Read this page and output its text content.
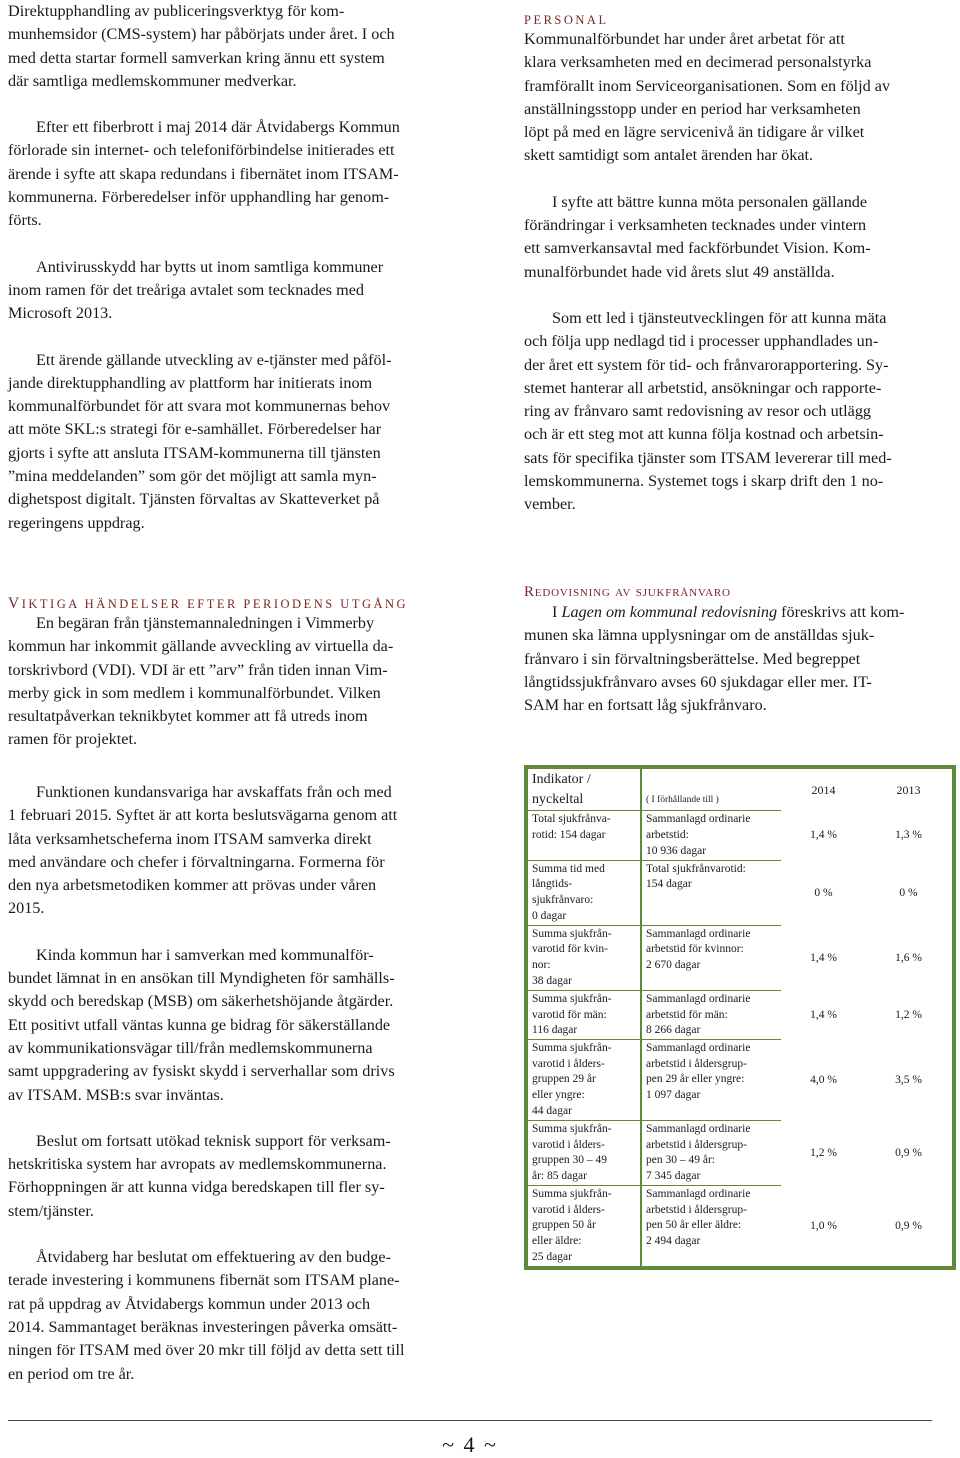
Direktupphandling av publiceringsverktyg för kom-
munhemsidor (CMS-system) har påbörjats under året. I och
med detta startar formell samverkan kring ännu ett system
där samtliga medlemskommuner medverkar.

Efter ett fiberbrott i maj 2014 där Åtvidabergs Kommun
förlorade sin internet- och telefoniförbindelse initierades ett
ärende i syfte att skapa redundans i fibernätet inom ITSAM-
kommunerna. Förberedelser inför upphandling har genom-
förts.

Antivirusskydd har bytts ut inom samtliga kommuner
inom ramen för det treåriga avtalet som tecknades med
Microsoft 2013.

Ett ärende gällande utveckling av e-tjänster med påföl-
jande direktupphandling av plattform har initierats inom
kommunalförbundet för att svara mot kommunernas behov
att möte SKL:s strategi för e-samhället. Förberedelser har
gjorts i syfte att ansluta ITSAM-kommunerna till tjänsten
”mina meddelanden” som gör det möjligt att samla myn-
dighetspost digitalt. Tjänsten förvaltas av Skatteverket på
regeringens uppdrag.

PERSONAL

Kommunalförbundet har under året arbetat för att
klara verksamheten med en decimerad personalstyrka
framförallt inom Serviceorganisationen. Som en följd av
anställningsstopp under en period har verksamheten
löpt på med en lägre servicenivå än tidigare år vilket
skett samtidigt som antalet ärenden har ökat.

I syfte att bättre kunna möta personalen gällande
förändringar i verksamheten tecknades under vintern
ett samverkansavtal med fackförbundet Vision. Kom-
munalförbundet hade vid årets slut 49 anställda.

Som ett led i tjänsteutvecklingen för att kunna mäta
och följa upp nedlagd tid i processer upphandlades un-
der året ett system för tid- och frånvarorapportering. Sy-
stemet hanterar all arbetstid, ansökningar och rapporte-
ring av frånvaro samt redovisning av resor och utlägg
och är ett steg mot att kunna följa kostnad och arbetsin-
sats för specifika tjänster som ITSAM levererar till med-
lemskommunerna. Systemet togs i skarp drift den 1 no-
vember.

VIKTIGA HÄNDELSER EFTER PERIODENS UTGÅNG

En begäran från tjänstemannaledningen i Vimmerby
kommun har inkommit gällande avveckling av virtuella da-
torskrivbord (VDI). VDI är ett ”arv” från tiden innan Vim-
merby gick in som medlem i kommunalförbundet. Vilken
resultatpåverkan teknikbytet kommer att få utreds inom
ramen för projektet.

Funktionen kundansvariga har avskaffats från och med
1 februari 2015. Syftet är att korta beslutsvägarna genom att
låta verksamhetscheferna inom ITSAM samverka direkt
med användare och chefer i förvaltningarna. Formerna för
den nya arbetsmetodiken kommer att prövas under våren
2015.

Kinda kommun har i samverkan med kommunalför-
bundet lämnat in en ansökan till Myndigheten för samhälls-
skydd och beredskap (MSB) om säkerhetshöjande åtgärder.
Ett positivt utfall väntas kunna ge bidrag för säkerställande
av kommunikationsvägar till/från medlemskommunerna
samt uppgradering av fysiskt skydd i serverhallar som drivs
av ITSAM. MSB:s svar inväntas.

Beslut om fortsatt utökad teknisk support för verksam-
hetskritiska system har avropats av medlemskommunerna.
Förhoppningen är att kunna vidga beredskapen till fler sy-
stem/tjänster.

Åtvidaberg har beslutat om effektuering av den budge-
terade investering i kommunens fibernät som ITSAM plane-
rat på uppdrag av Åtvidabergs kommun under 2013 och
2014. Sammantaget beräknas investeringen påverka omsätt-
ningen för ITSAM med över 20 mkr till följd av detta sett till
en period om tre år.

Redovisning av sjukfrånvaro

I Lagen om kommunal redovisning föreskrivs att kom-
munen ska lämna upplysningar om de anställdas sjuk-
frånvaro i sin förvaltningsberättelse. Med begreppet
långtidssjukfrånvaro avses 60 sjukdagar eller mer. IT-
SAM har en fortsatt låg sjukfrånvaro.

Indikator /
nyckeltal	( I förhållande till )	2014	2013
Total sjukfrånva-
rotid: 154 dagar	Sammanlagd ordinarie
arbetstid:
10 936 dagar	1,4 %	1,3 %
Summa tid med
långtids-
sjukfrånvaro:
0 dagar	Total sjukfrånvarotid:
154 dagar	0 %	0 %
Summa sjukfrån-
varotid för kvin-
nor:
38 dagar	Sammanlagd ordinarie
arbetstid för kvinnor:
2 670 dagar	1,4 %	1,6 %
Summa sjukfrån-
varotid för män:
116 dagar	Sammanlagd ordinarie
arbetstid för män:
8 266 dagar	1,4 %	1,2 %
Summa sjukfrån-
varotid i ålders-
gruppen 29 år
eller yngre:
44 dagar	Sammanlagd ordinarie
arbetstid i åldersgrup-
pen 29 år eller yngre:
1 097 dagar	4,0 %	3,5 %
Summa sjukfrån-
varotid i ålders-
gruppen 30 – 49
år: 85 dagar	Sammanlagd ordinarie
arbetstid i åldersgrup-
pen 30 – 49 år:
7 345 dagar	1,2 %	0,9 %
Summa sjukfrån-
varotid i ålders-
gruppen 50 år
eller äldre:
25 dagar	Sammanlagd ordinarie
arbetstid i åldersgrup-
pen 50 år eller äldre:
2 494 dagar	1,0 %	0,9 %
~ 4 ~
